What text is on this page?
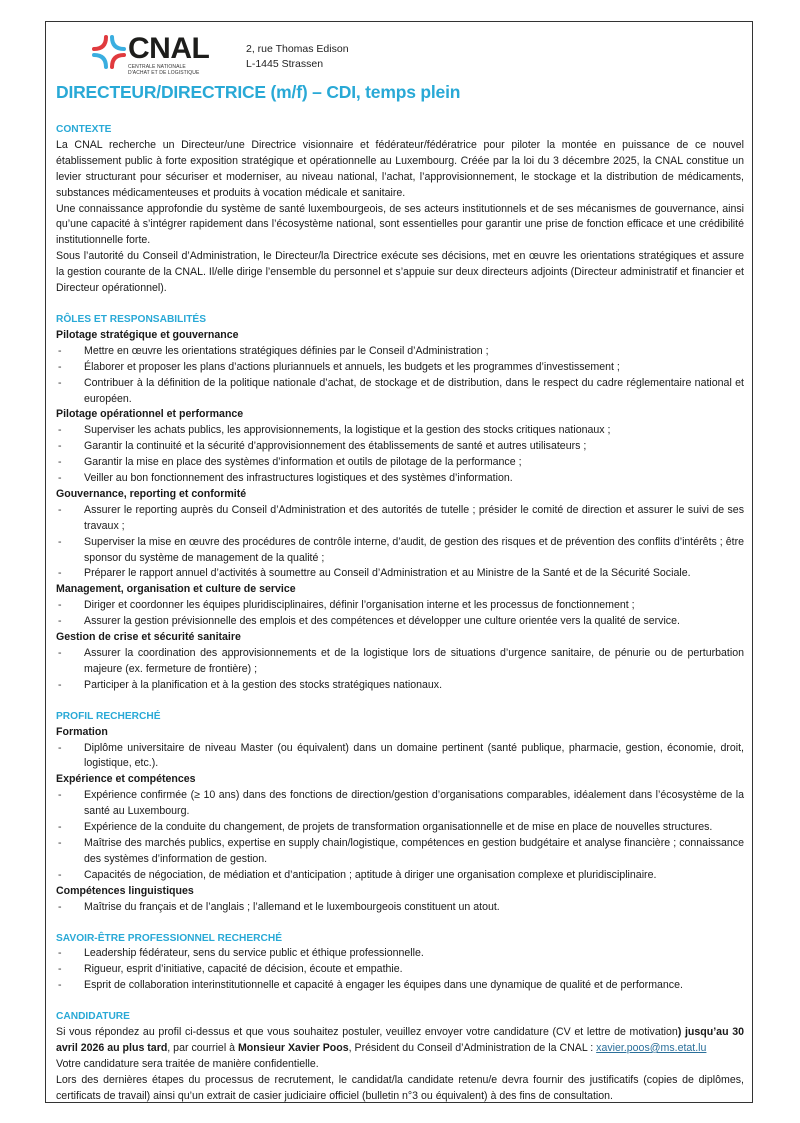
CNAL
CENTRALE NATIONALE D'ACHAT ET DE LOGISTIQUE
2, rue Thomas Edison
L-1445 Strassen
DIRECTEUR/DIRECTRICE (m/f) – CDI, temps plein
CONTEXTE

La CNAL recherche un Directeur/une Directrice visionnaire et fédérateur/fédératrice pour piloter la montée en puissance de ce nouvel établissement public à forte exposition stratégique et opérationnelle au Luxembourg. Créée par la loi du 3 décembre 2025, la CNAL constitue un levier structurant pour sécuriser et moderniser, au niveau national, l’achat, l’approvisionnement, le stockage et la distribution de médicaments, substances médicamenteuses et produits à vocation médicale et sanitaire.

Une connaissance approfondie du système de santé luxembourgeois, de ses acteurs institutionnels et de ses mécanismes de gouvernance, ainsi qu’une capacité à s’intégrer rapidement dans l’écosystème national, sont essentielles pour garantir une prise de fonction efficace et une crédibilité institutionnelle forte.

Sous l’autorité du Conseil d’Administration, le Directeur/la Directrice exécute ses décisions, met en œuvre les orientations stratégiques et assure la gestion courante de la CNAL. Il/elle dirige l’ensemble du personnel et s’appuie sur deux directeurs adjoints (Directeur administratif et financier et Directeur opérationnel).

RÔLES ET RESPONSABILITÉS
Pilotage stratégique et gouvernance
- Mettre en œuvre les orientations stratégiques définies par le Conseil d’Administration ;
- Élaborer et proposer les plans d’actions pluriannuels et annuels, les budgets et les programmes d’investissement ;
- Contribuer à la définition de la politique nationale d’achat, de stockage et de distribution, dans le respect du cadre réglementaire national et européen.
Pilotage opérationnel et performance
- Superviser les achats publics, les approvisionnements, la logistique et la gestion des stocks critiques nationaux ;
- Garantir la continuité et la sécurité d’approvisionnement des établissements de santé et autres utilisateurs ;
- Garantir la mise en place des systèmes d’information et outils de pilotage de la performance ;
- Veiller au bon fonctionnement des infrastructures logistiques et des systèmes d’information.
Gouvernance, reporting et conformité
- Assurer le reporting auprès du Conseil d’Administration et des autorités de tutelle ; présider le comité de direction et assurer le suivi de ses travaux ;
- Superviser la mise en œuvre des procédures de contrôle interne, d’audit, de gestion des risques et de prévention des conflits d’intérêts ; être sponsor du système de management de la qualité ;
- Préparer le rapport annuel d’activités à soumettre au Conseil d’Administration et au Ministre de la Santé et de la Sécurité Sociale.
Management, organisation et culture de service
- Diriger et coordonner les équipes pluridisciplinaires, définir l’organisation interne et les processus de fonctionnement ;
- Assurer la gestion prévisionnelle des emplois et des compétences et développer une culture orientée vers la qualité de service.
Gestion de crise et sécurité sanitaire
- Assurer la coordination des approvisionnements et de la logistique lors de situations d’urgence sanitaire, de pénurie ou de perturbation majeure (ex. fermeture de frontière) ;
- Participer à la planification et à la gestion des stocks stratégiques nationaux.
PROFIL RECHERCHÉ
Formation
- Diplôme universitaire de niveau Master (ou équivalent) dans un domaine pertinent (santé publique, pharmacie, gestion, économie, droit, logistique, etc.).
Expérience et compétences
- Expérience confirmée (≥ 10 ans) dans des fonctions de direction/gestion d’organisations comparables, idéalement dans l’écosystème de la santé au Luxembourg.
- Expérience de la conduite du changement, de projets de transformation organisationnelle et de mise en place de nouvelles structures.
- Maîtrise des marchés publics, expertise en supply chain/logistique, compétences en gestion budgétaire et analyse financière ; connaissance des systèmes d’information de gestion.
- Capacités de négociation, de médiation et d’anticipation ; aptitude à diriger une organisation complexe et pluridisciplinaire.
Compétences linguistiques
- Maîtrise du français et de l’anglais ; l’allemand et le luxembourgeois constituent un atout.
SAVOIR-ÊTRE PROFESSIONNEL RECHERCHÉ
- Leadership fédérateur, sens du service public et éthique professionnelle.
- Rigueur, esprit d’initiative, capacité de décision, écoute et empathie.
- Esprit de collaboration interinstitutionnelle et capacité à engager les équipes dans une dynamique de qualité et de performance.
CANDIDATURE

Si vous répondez au profil ci-dessus et que vous souhaitez postuler, veuillez envoyer votre candidature (CV et lettre de motivation) jusqu’au 30 avril 2026 au plus tard, par courriel à Monsieur Xavier Poos, Président du Conseil d’Administration de la CNAL : xavier.poos@ms.etat.lu

Votre candidature sera traitée de manière confidentielle.

Lors des dernières étapes du processus de recrutement, le candidat/la candidate retenu/e devra fournir des justificatifs (copies de diplômes, certificats de travail) ainsi qu’un extrait de casier judiciaire officiel (bulletin n°3 ou équivalent) à des fins de consultation.
